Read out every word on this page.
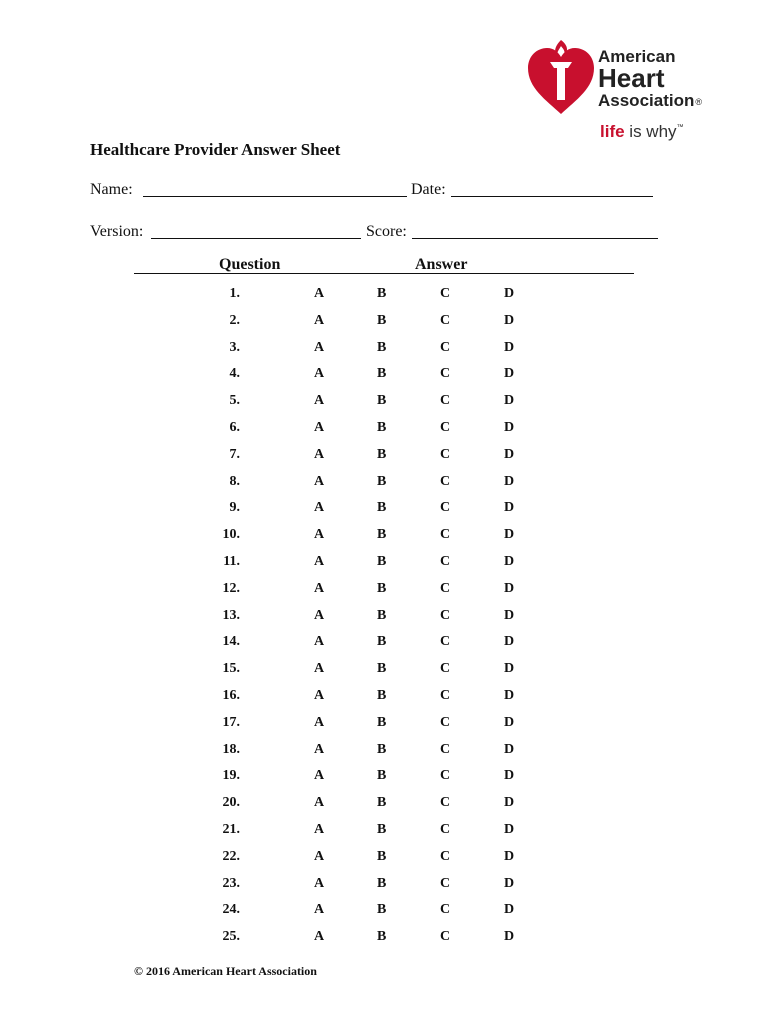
American
Heart
Association®
life is why™
Healthcare Provider Answer Sheet
Name:	Date:
Version:	Score:
Question	Answer
1.	A	B	C	D
2.	A	B	C	D
3.	A	B	C	D
4.	A	B	C	D
5.	A	B	C	D
6.	A	B	C	D
7.	A	B	C	D
8.	A	B	C	D
9.	A	B	C	D
10.	A	B	C	D
11.	A	B	C	D
12.	A	B	C	D
13.	A	B	C	D
14.	A	B	C	D
15.	A	B	C	D
16.	A	B	C	D
17.	A	B	C	D
18.	A	B	C	D
19.	A	B	C	D
20.	A	B	C	D
21.	A	B	C	D
22.	A	B	C	D
23.	A	B	C	D
24.	A	B	C	D
25.	A	B	C	D
© 2016 American Heart Association
